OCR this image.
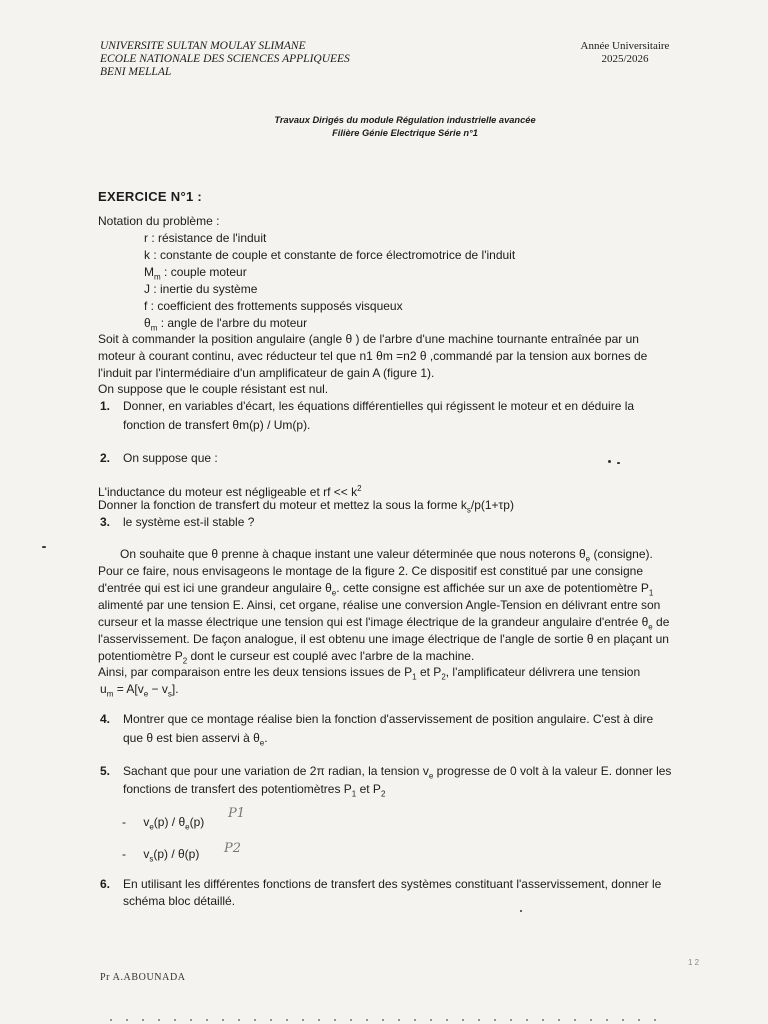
UNIVERSITE SULTAN MOULAY SLIMANE
ECOLE NATIONALE DES SCIENCES APPLIQUEES
BENI MELLAL
Année Universitaire
2025/2026
Travaux Dirigés du module Régulation industrielle avancée
Filière Génie Electrique Série n°1
EXERCICE N°1 :
Notation du problème :
r : résistance de l'induit
k : constante de couple et constante de force électromotrice de l'induit
$M_m$ : couple moteur
J : inertie du système
f : coefficient des frottements supposés visqueux
$\theta_m$ : angle de l'arbre du moteur
Soit à commander la position angulaire (angle θ ) de l'arbre d'une machine tournante entraînée par un
moteur à courant continu, avec réducteur tel que n1 θm =n2 θ ,commandé par la tension aux bornes de
l'induit par l'intermédiaire d'un amplificateur de gain A (figure 1).
On suppose que le couple résistant est nul.
1. Donner, en variables d'écart, les équations différentielles qui régissent le moteur et en déduire la
fonction de transfert θm(p) / Um(p).
2. On suppose que :
L'inductance du moteur est négligeable et rf << $k^2$
Donner la fonction de transfert du moteur et mettez la sous la forme $k_s/p(1+\tau p)$
3. le système est-il stable ?
On souhaite que θ prenne à chaque instant une valeur déterminée que nous noterons $\theta_e$ (consigne).
Pour ce faire, nous envisageons le montage de la figure 2. Ce dispositif est constitué par une consigne
d'entrée qui est ici une grandeur angulaire $\theta_e$. cette consigne est affichée sur un axe de potentiomètre $P_1$
alimenté par une tension E. Ainsi, cet organe, réalise une conversion Angle-Tension en délivrant entre son
curseur et la masse électrique une tension qui est l'image électrique de la grandeur angulaire d'entrée $\theta_e$ de
l'asservissement. De façon analogue, il est obtenu une image électrique de l'angle de sortie θ en plaçant un
potentiomètre $P_2$ dont le curseur est couplé avec l'arbre de la machine.
Ainsi, par comparaison entre les deux tensions issues de $P_1$ et $P_2$, l'amplificateur délivrera une tension
$u_m = A[v_e - v_s]$.
4. Montrer que ce montage réalise bien la fonction d'asservissement de position angulaire. C'est à dire
que θ est bien asservi à $\theta_e$.
5. Sachant que pour une variation de 2π radian, la tension $v_e$ progresse de 0 volt à la valeur E. donner les
fonctions de transfert des potentiomètres $P_1$ et $P_2$
- $v_e(p) / \theta_e(p)$
P1
- $v_s(p) / \theta(p)$ P2
6. En utilisant les différentes fonctions de transfert des systèmes constituant l'asservissement, donner le
schéma bloc détaillé.
Pr A.ABOUNADA
1 2
